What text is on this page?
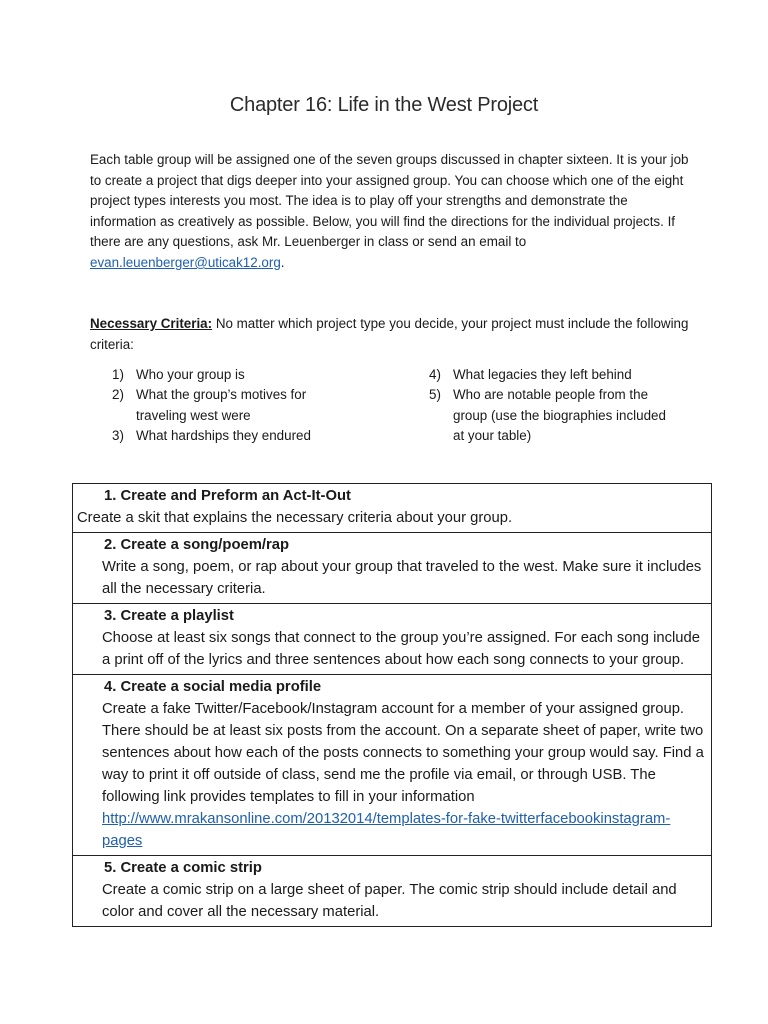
Chapter 16: Life in the West Project

Each table group will be assigned one of the seven groups discussed in chapter sixteen. It is your job to create a project that digs deeper into your assigned group. You can choose which one of the eight project types interests you most. The idea is to play off your strengths and demonstrate the information as creatively as possible. Below, you will find the directions for the individual projects. If there are any questions, ask Mr. Leuenberger in class or send an email to evan.leuenberger@uticak12.org.

Necessary Criteria: No matter which project type you decide, your project must include the following criteria:

1) Who your group is
2) What the group’s motives for traveling west were
3) What hardships they endured
4) What legacies they left behind
5) Who are notable people from the group (use the biographies included at your table)
1. Create and Preform an Act-It-Out
Create a skit that explains the necessary criteria about your group.

2. Create a song/poem/rap
Write a song, poem, or rap about your group that traveled to the west. Make sure it includes all the necessary criteria.

3. Create a playlist
Choose at least six songs that connect to the group you’re assigned. For each song include a print off of the lyrics and three sentences about how each song connects to your group.

4. Create a social media profile
Create a fake Twitter/Facebook/Instagram account for a member of your assigned group. There should be at least six posts from the account. On a separate sheet of paper, write two sentences about how each of the posts connects to something your group would say. Find a way to print it off outside of class, send me the profile via email, or through USB. The following link provides templates to fill in your information http://www.mrakansonline.com/20132014/templates-for-fake-twitterfacebookinstagram-pages

5. Create a comic strip
Create a comic strip on a large sheet of paper. The comic strip should include detail and color and cover all the necessary material.
